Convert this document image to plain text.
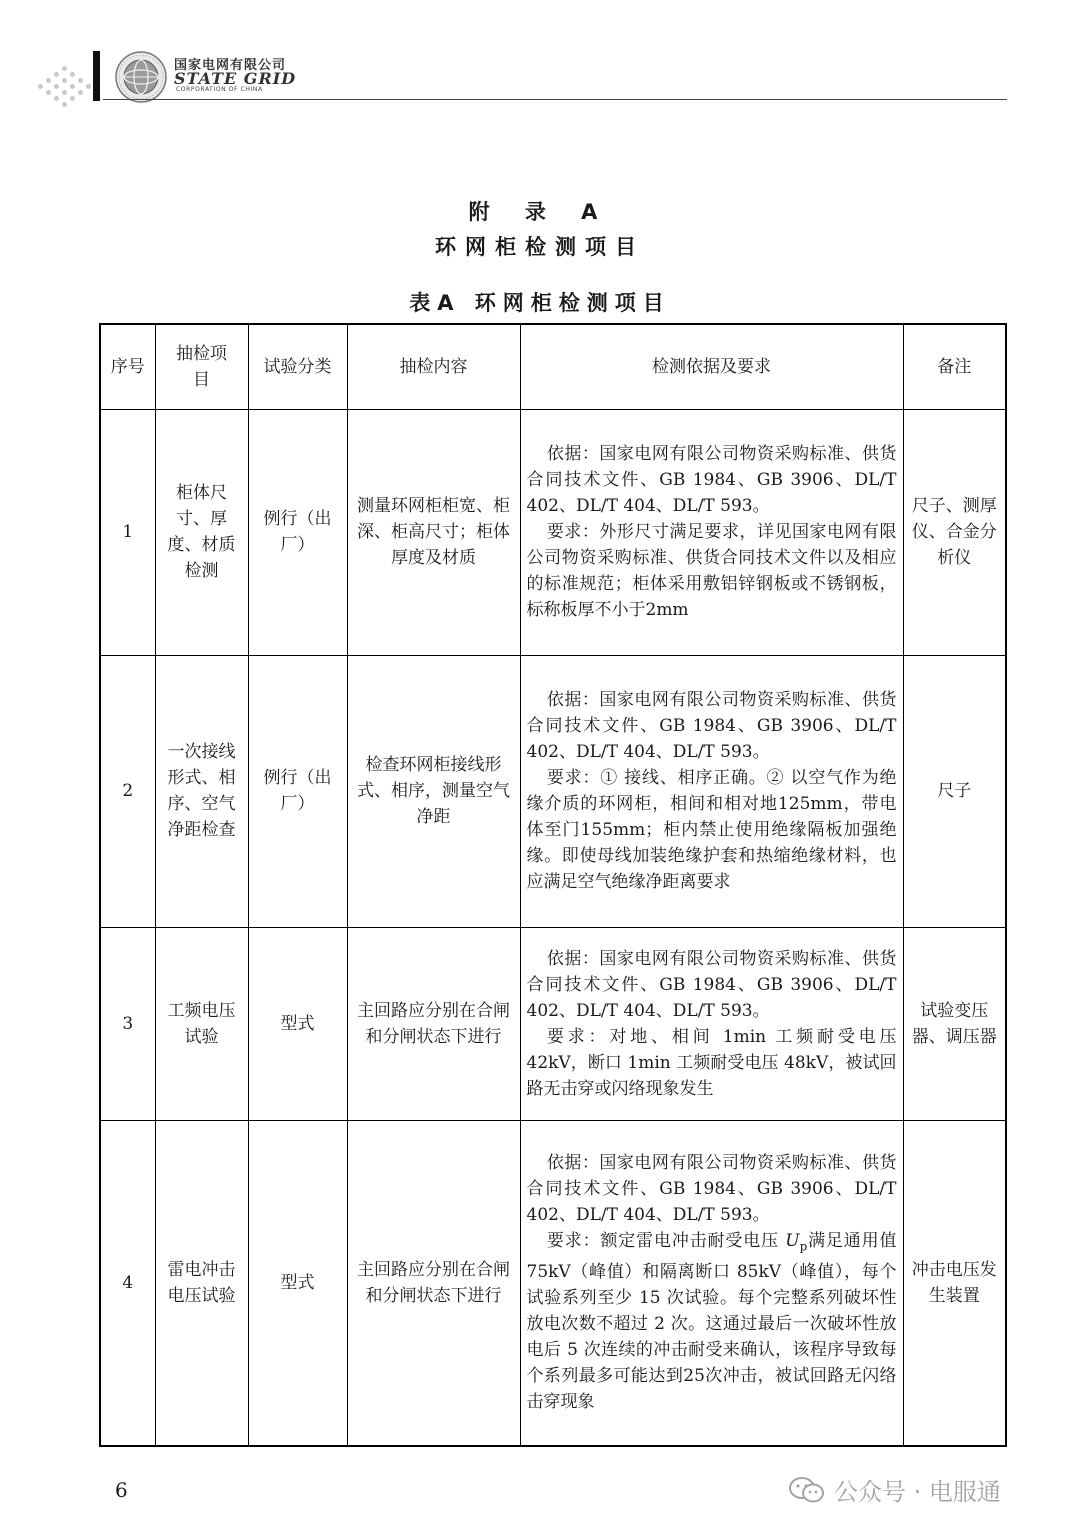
国家电网有限公司
STATE GRID
CORPORATION OF CHINA
附 录 A
环网柜检测项目
表A 环网柜检测项目
序号	抽检项目	试验分类	抽检内容	检测依据及要求	备注
1	柜体尺寸、厚度、材质检测	例行（出厂）	测量环网柜柜宽、柜深、柜高尺寸；柜体厚度及材质	依据：国家电网有限公司物资采购标准、供货合同技术文件、GB 1984、GB 3906、DL/T 402、DL/T 404、DL/T 593。

要求：外形尺寸满足要求，详见国家电网有限公司物资采购标准、供货合同技术文件以及相应的标准规范；柜体采用敷铝锌钢板或不锈钢板，标称板厚不小于2mm	尺子、测厚仪、合金分析仪
2	一次接线形式、相序、空气净距检查	例行（出厂）	检查环网柜接线形式、相序，测量空气净距	依据：国家电网有限公司物资采购标准、供货合同技术文件、GB 1984、GB 3906、DL/T 402、DL/T 404、DL/T 593。

要求：① 接线、相序正确。② 以空气作为绝缘介质的环网柜，相间和相对地125mm，带电体至门155mm；柜内禁止使用绝缘隔板加强绝缘。即使母线加装绝缘护套和热缩绝缘材料，也应满足空气绝缘净距离要求	尺子
3	工频电压试验	型式	主回路应分别在合闸和分闸状态下进行	依据：国家电网有限公司物资采购标准、供货合同技术文件、GB 1984、GB 3906、DL/T 402、DL/T 404、DL/T 593。

要求：对地、相间 1min 工频耐受电压42kV，断口 1min 工频耐受电压 48kV，被试回路无击穿或闪络现象发生	试验变压器、调压器
4	雷电冲击电压试验	型式	主回路应分别在合闸和分闸状态下进行	依据：国家电网有限公司物资采购标准、供货合同技术文件、GB 1984、GB 3906、DL/T 402、DL/T 404、DL/T 593。

要求：额定雷电冲击耐受电压 $U_p$满足通用值 75kV（峰值）和隔离断口 85kV（峰值），每个试验系列至少 15 次试验。每个完整系列破坏性放电次数不超过 2 次。这通过最后一次破坏性放电后 5 次连续的冲击耐受来确认，该程序导致每个系列最多可能达到25次冲击，被试回路无闪络击穿现象	冲击电压发生装置
6	公众号 · 电服通
